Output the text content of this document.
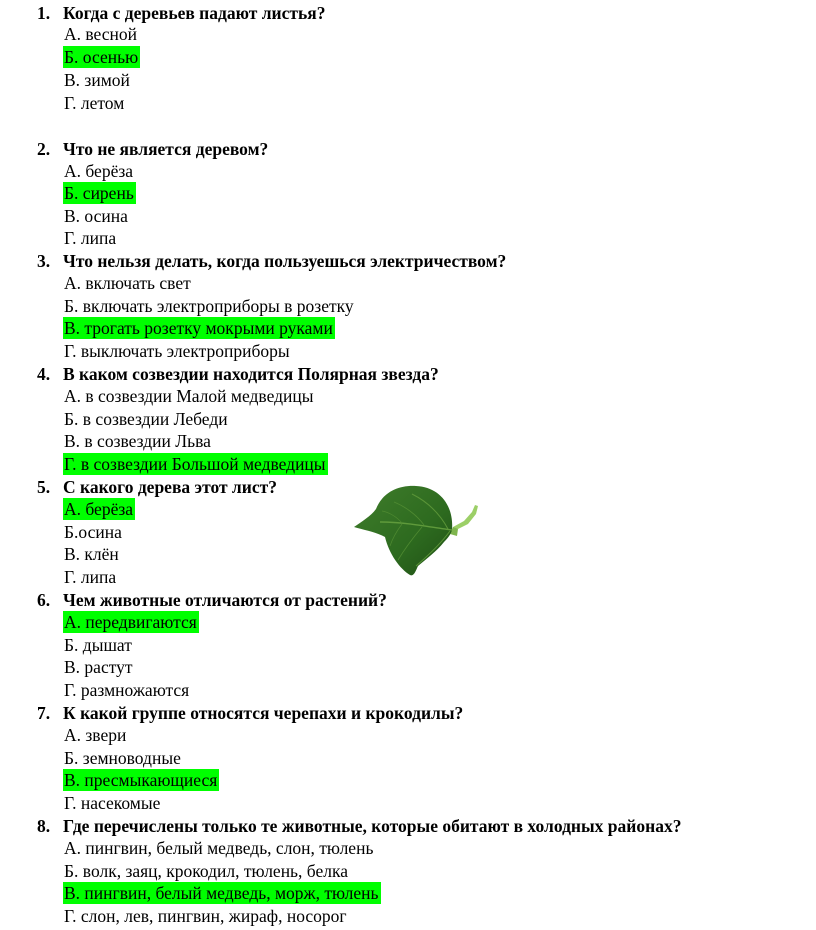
1. Когда с деревьев падают листья?
А. весной
Б. осенью
В. зимой
Г. летом
2. Что не является деревом?
А. берёза
Б. сирень
В. осина
Г. липа
3. Что нельзя делать, когда пользуешься электричеством?
А. включать свет
Б. включать электроприборы в розетку
В. трогать розетку мокрыми руками
Г. выключать электроприборы
4. В каком созвездии находится Полярная звезда?
А. в созвездии Малой медведицы
Б. в созвездии Лебеди
В. в созвездии Льва
Г. в созвездии Большой медведицы
5. С какого дерева этот лист?
А. берёза
Б.осина
В. клён
Г. липа
6. Чем животные отличаются от растений?
А. передвигаются
Б. дышат
В. растут
Г. размножаются
7. К какой группе относятся черепахи и крокодилы?
А. звери
Б. земноводные
В. пресмыкающиеся
Г. насекомые
8. Где перечислены только те животные, которые обитают в холодных районах?
А. пингвин, белый медведь, слон, тюлень
Б. волк, заяц, крокодил, тюлень, белка
В. пингвин, белый медведь, морж, тюлень
Г. слон, лев, пингвин, жираф, носорог
